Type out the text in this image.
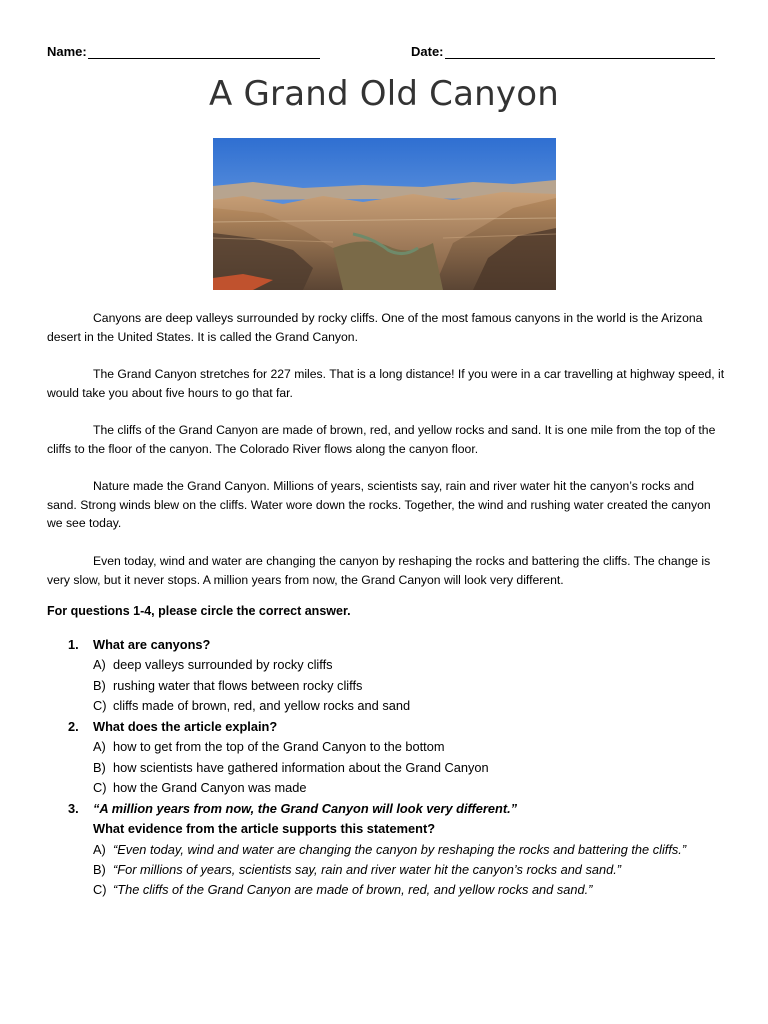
Name:	Date:
A Grand Old Canyon
Canyons are deep valleys surrounded by rocky cliffs. One of the most famous canyons in the world is the Arizona desert in the United States. It is called the Grand Canyon.
The Grand Canyon stretches for 227 miles. That is a long distance! If you were in a car travelling at highway speed, it would take you about five hours to go that far.
The cliffs of the Grand Canyon are made of brown, red, and yellow rocks and sand. It is one mile from the top of the cliffs to the floor of the canyon. The Colorado River flows along the canyon floor.
Nature made the Grand Canyon. Millions of years, scientists say, rain and river water hit the canyon’s rocks and sand. Strong winds blew on the cliffs. Water wore down the rocks. Together, the wind and rushing water created the canyon we see today.
Even today, wind and water are changing the canyon by reshaping the rocks and battering the cliffs. The change is very slow, but it never stops. A million years from now, the Grand Canyon will look very different.
For questions 1-4, please circle the correct answer.
1.	What are canyons?
A) deep valleys surrounded by rocky cliffs
B) rushing water that flows between rocky cliffs
C) cliffs made of brown, red, and yellow rocks and sand
2.	What does the article explain?
A) how to get from the top of the Grand Canyon to the bottom
B) how scientists have gathered information about the Grand Canyon
C) how the Grand Canyon was made
3.	“A million years from now, the Grand Canyon will look very different.”
What evidence from the article supports this statement?
A) “Even today, wind and water are changing the canyon by reshaping the rocks and battering the cliffs.”
B) “For millions of years, scientists say, rain and river water hit the canyon’s rocks and sand.”
C) “The cliffs of the Grand Canyon are made of brown, red, and yellow rocks and sand.”
